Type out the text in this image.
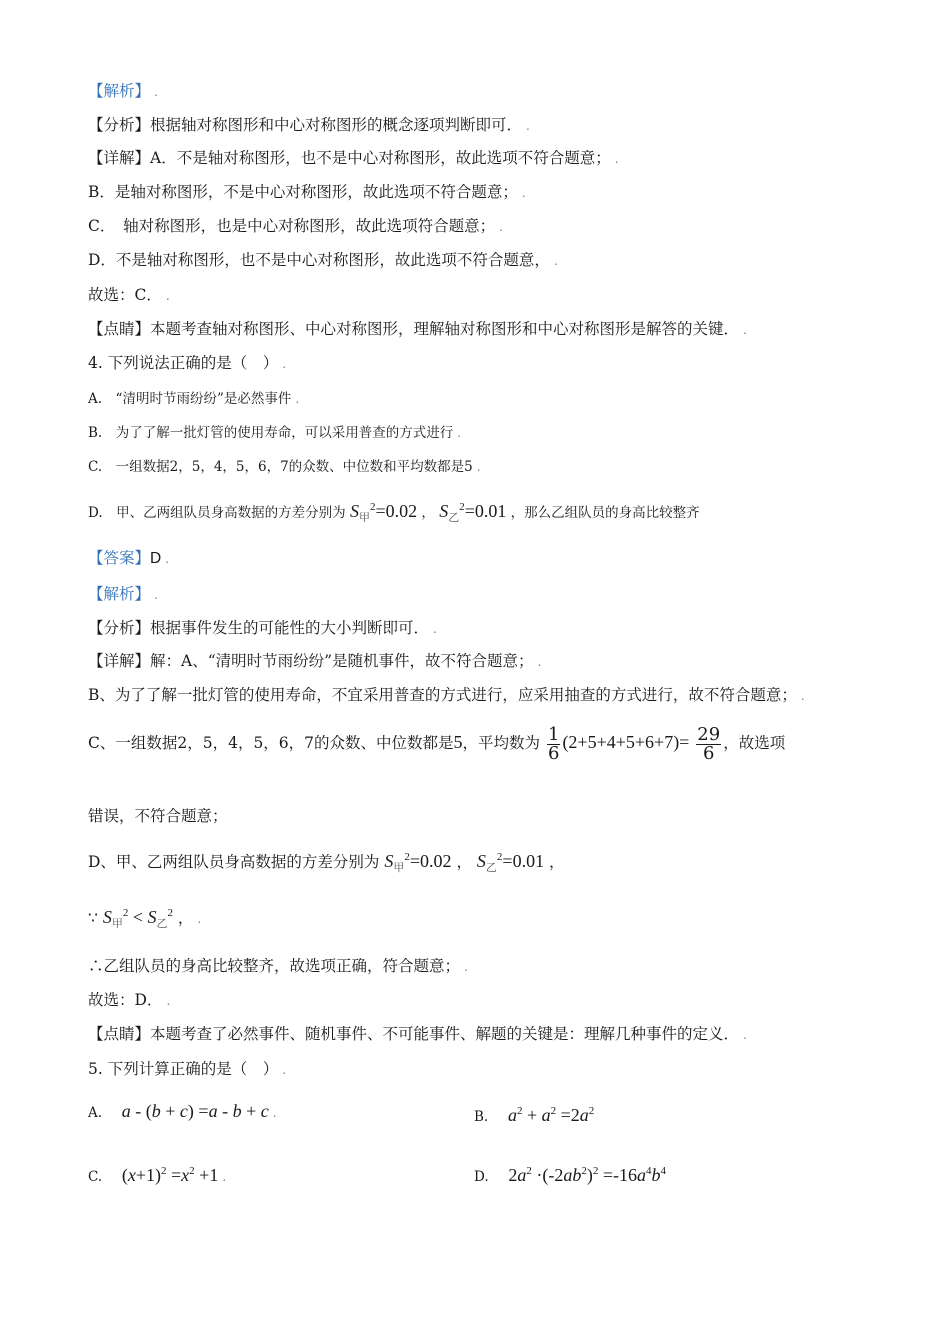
【解析】 .
【分析】根据轴对称图形和中心对称图形的概念逐项判断即可． .
【详解】A．不是轴对称图形，也不是中心对称图形，故此选项不符合题意； .
B．是轴对称图形，不是中心对称图形，故此选项不符合题意； .
C．　轴对称图形，也是中心对称图形，故此选项符合题意； .
D．不是轴对称图形，也不是中心对称图形，故此选项不符合题意， .
故选：C． .
【点睛】本题考查轴对称图形、中心对称图形，理解轴对称图形和中心对称图形是解答的关键． .
4. 下列说法正确的是（　） .
A.　“清明时节雨纷纷”是必然事件 .
B.　为了了解一批灯管的使用寿命，可以采用普查的方式进行 .
C.　一组数据2，5，4，5，6，7的众数、中位数和平均数都是5 .
D.　甲、乙两组队员身高数据的方差分别为 $S_甲^2=0.02$ ， $S_乙^2=0.01$ ，那么乙组队员的身高比较整齐
【答案】D .
【解析】 .
【分析】根据事件发生的可能性的大小判断即可． .
【详解】解：A、“清明时节雨纷纷”是随机事件，故不符合题意； .
B、为了了解一批灯管的使用寿命，不宜采用普查的方式进行，应采用抽查的方式进行，故不符合题意； .
C、一组数据2，5，4，5，6，7的众数、中位数都是5，平均数为 $\frac{1}{6} (2+5+4+5+6+7)= \frac{29}{6}$ ，故选项
错误，不符合题意；
D、甲、乙两组队员身高数据的方差分别为 $S_甲^2=0.02$ ， $S_乙^2=0.01$ ，
∵ $S_甲^2 < S_乙^2$ ， .
∴乙组队员的身高比较整齐，故选项正确，符合题意； .
故选：D． .
【点睛】本题考查了必然事件、随机事件、不可能事件、解题的关键是：理解几种事件的定义． .
5. 下列计算正确的是（　） .
A. a - (b + c) =a - b + c .	B. $a^2 + a^2 =2a^2$
C. $(x+1)^2 =x^2 +1$ .	D. $2a^2 \cdot(-2ab^2)^2 =-16a^4b^4$
